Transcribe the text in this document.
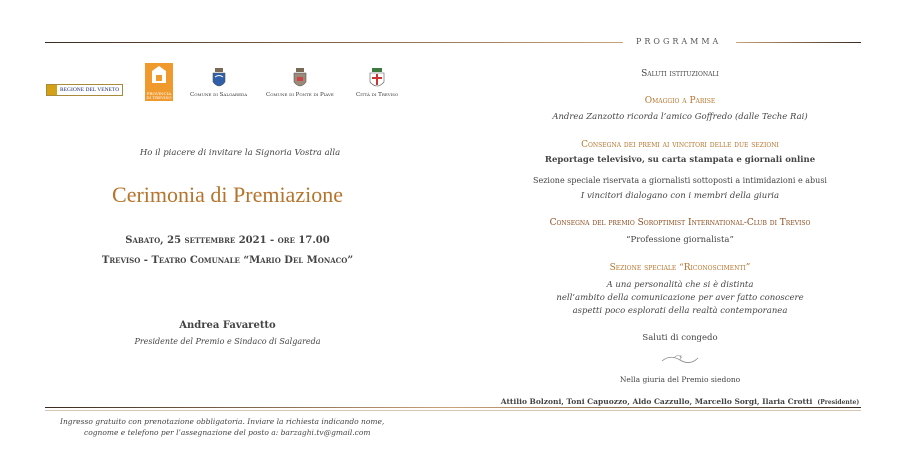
PROGRAMMA
REGIONE DEL VENETO
PROVINCIA DI TREVISO	Comune di Salgareda	Comune di Ponte di Piave	Città di Treviso
Ho il piacere di invitare la Signoria Vostra alla
Cerimonia di Premiazione
Sabato, 25 settembre 2021 - ore 17.00
Treviso - Teatro Comunale “Mario Del Monaco”
Andrea Favaretto
Presidente del Premio e Sindaco di Salgareda
Saluti istituzionali
Omaggio a Parise
Andrea Zanzotto ricorda l’amico Goffredo (dalle Teche Rai)
Consegna dei premi ai vincitori delle due sezioni
Reportage televisivo, su carta stampata e giornali online
Sezione speciale riservata a giornalisti sottoposti a intimidazioni e abusi
I vincitori dialogano con i membri della giuria
Consegna del premio Soroptimist International-Club di Treviso
“Professione giornalista”
Sezione speciale “Riconoscimenti”
A una personalità che si è distinta
nell’ambito della comunicazione per aver fatto conoscere
aspetti poco esplorati della realtà contemporanea
Saluti di congedo
Nella giuria del Premio siedono
Attilio Bolzoni, Toni Capuozzo, Aldo Cazzullo, Marcello Sorgi, Ilaria Crotti (Presidente)
Ingresso gratuito con prenotazione obbligatoria. Inviare la richiesta indicando nome,
cognome e telefono per l’assegnazione del posto a: barzaghi.tv@gmail.com
